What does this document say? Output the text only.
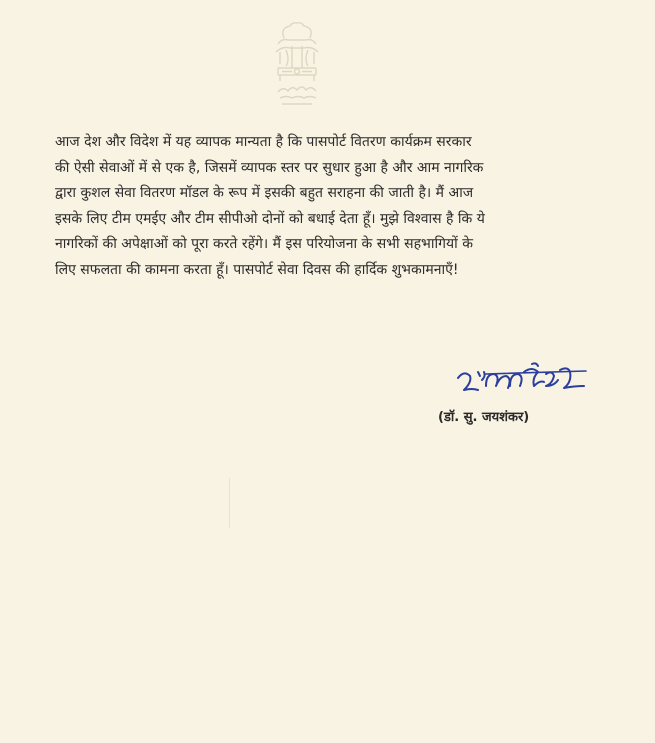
आज देश और विदेश में यह व्यापक मान्यता है कि पासपोर्ट वितरण कार्यक्रम सरकार
की ऐसी सेवाओं में से एक है, जिसमें व्यापक स्तर पर सुधार हुआ है और आम नागरिक
द्वारा कुशल सेवा वितरण मॉडल के रूप में इसकी बहुत सराहना की जाती है। मैं आज
इसके लिए टीम एमईए और टीम सीपीओ दोनों को बधाई देता हूँ। मुझे विश्वास है कि ये
नागरिकों की अपेक्षाओं को पूरा करते रहेंगे। मैं इस परियोजना के सभी सहभागियों के
लिए सफलता की कामना करता हूँ। पासपोर्ट सेवा दिवस की हार्दिक शुभकामनाएँ!

(डॉ. सु. जयशंकर)
